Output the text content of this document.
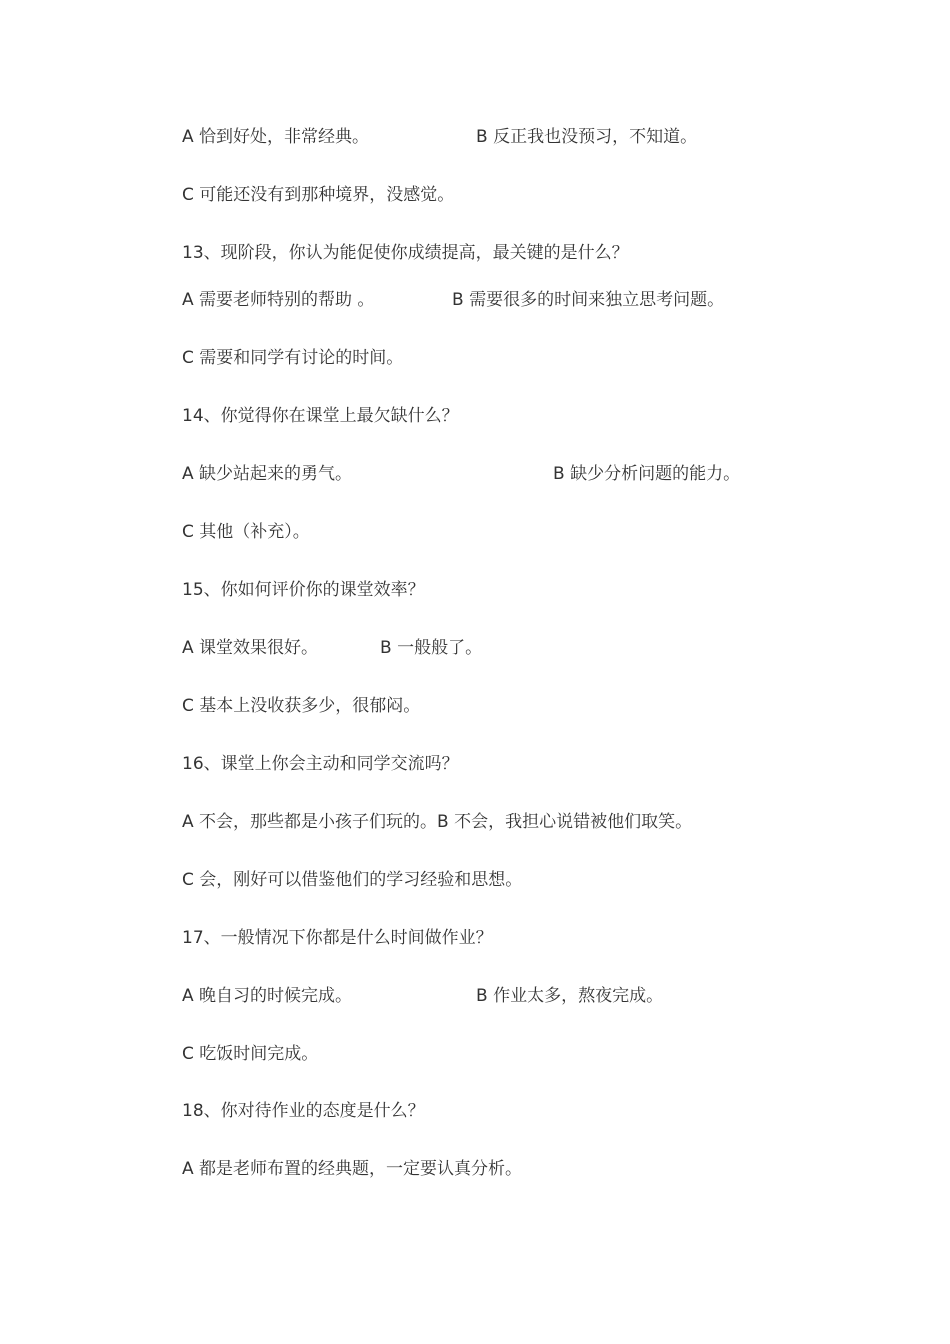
A 恰到好处，非常经典。	B 反正我也没预习，不知道。
C 可能还没有到那种境界，没感觉。
13、现阶段，你认为能促使你成绩提高，最关键的是什么？
A 需要老师特别的帮助 。	B 需要很多的时间来独立思考问题。
C 需要和同学有讨论的时间。
14、你觉得你在课堂上最欠缺什么？
A 缺少站起来的勇气。	B 缺少分析问题的能力。
C 其他（补充）。
15、你如何评价你的课堂效率？
A 课堂效果很好。	B 一般般了。
C 基本上没收获多少，很郁闷。
16、课堂上你会主动和同学交流吗？
A 不会，那些都是小孩子们玩的。B 不会，我担心说错被他们取笑。
C 会，刚好可以借鉴他们的学习经验和思想。
17、一般情况下你都是什么时间做作业？
A 晚自习的时候完成。	B 作业太多，熬夜完成。
C 吃饭时间完成。
18、你对待作业的态度是什么？
A 都是老师布置的经典题，一定要认真分析。
